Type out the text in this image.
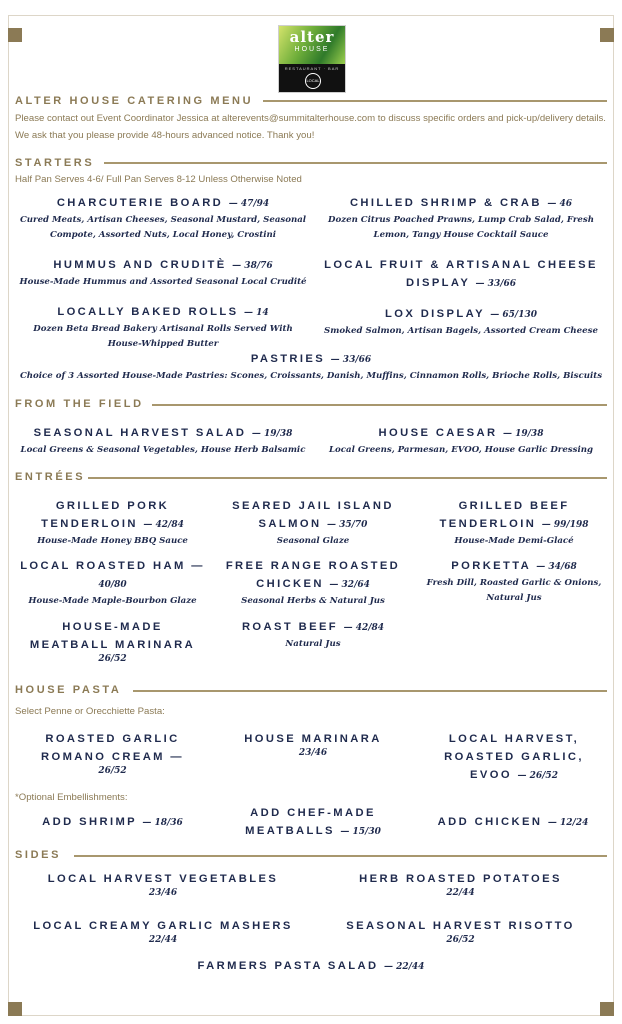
alter
HOUSE
RESTAURANT · BAR
LOCAL
ALTER HOUSE CATERING MENU
Please contact out Event Coordinator Jessica at alterevents@summitalterhouse.com to discuss specific orders and pick-up/delivery details. We ask that you please provide 48-hours advanced notice. Thank you!
STARTERS
Half Pan Serves 4-6/ Full Pan Serves 8-12 Unless Otherwise Noted
CHARCUTERIE BOARD — 47/94
Cured Meats, Artisan Cheeses, Seasonal Mustard, Seasonal Compote, Assorted Nuts, Local Honey, Crostini
CHILLED SHRIMP & CRAB — 46
Dozen Citrus Poached Prawns, Lump Crab Salad, Fresh Lemon, Tangy House Cocktail Sauce
HUMMUS AND CRUDITÈ — 38/76
House-Made Hummus and Assorted Seasonal Local Crudité
LOCAL FRUIT & ARTISANAL CHEESE DISPLAY — 33/66
LOCALLY BAKED ROLLS — 14
Dozen Beta Bread Bakery Artisanal Rolls Served With House-Whipped Butter
LOX DISPLAY — 65/130
Smoked Salmon, Artisan Bagels, Assorted Cream Cheese
PASTRIES — 33/66
Choice of 3 Assorted House-Made Pastries: Scones, Croissants, Danish, Muffins, Cinnamon Rolls, Brioche Rolls, Biscuits
FROM THE FIELD
SEASONAL HARVEST SALAD — 19/38
Local Greens & Seasonal Vegetables, House Herb Balsamic
HOUSE CAESAR — 19/38
Local Greens, Parmesan, EVOO, House Garlic Dressing
ENTRÉES
GRILLED PORK TENDERLOIN — 42/84
House-Made Honey BBQ Sauce
SEARED JAIL ISLAND SALMON — 35/70
Seasonal Glaze
GRILLED BEEF TENDERLOIN — 99/198
House-Made Demi-Glacé
LOCAL ROASTED HAM — 40/80
House-Made Maple-Bourbon Glaze
FREE RANGE ROASTED CHICKEN — 32/64
Seasonal Herbs & Natural Jus
PORKETTA — 34/68
Fresh Dill, Roasted Garlic & Onions, Natural Jus
HOUSE-MADE MEATBALL MARINARA
26/52
ROAST BEEF — 42/84
Natural Jus
HOUSE PASTA
Select Penne or Orecchiette Pasta:
ROASTED GARLIC ROMANO CREAM —
26/52
HOUSE MARINARA
23/46
LOCAL HARVEST, ROASTED GARLIC, EVOO — 26/52
*Optional Embellishments:
ADD SHRIMP — 18/36
ADD CHEF-MADE MEATBALLS — 15/30
ADD CHICKEN — 12/24
SIDES
LOCAL HARVEST VEGETABLES
23/46
HERB ROASTED POTATOES
22/44
LOCAL CREAMY GARLIC MASHERS
22/44
SEASONAL HARVEST RISOTTO
26/52
FARMERS PASTA SALAD — 22/44
